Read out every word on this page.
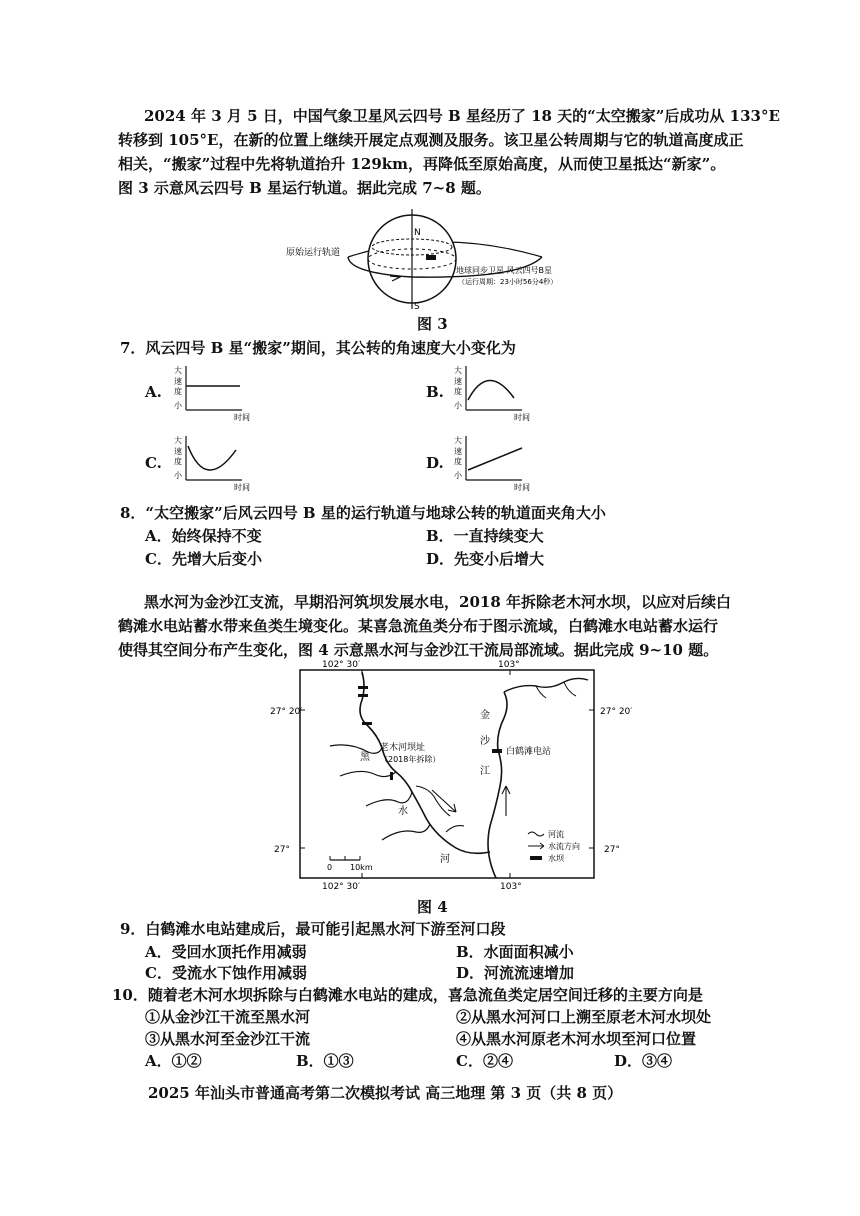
2024 年 3 月 5 日，中国气象卫星风云四号 B 星经历了 18 天的“太空搬家”后成功从 133°E
转移到 105°E，在新的位置上继续开展定点观测及服务。该卫星公转周期与它的轨道高度成正
相关，“搬家”过程中先将轨道抬升 129km，再降低至原始高度，从而使卫星抵达“新家”。
图 3 示意风云四号 B 星运行轨道。据此完成 7~8 题。
N
S
原始运行轨道
地球同步卫星 风云四号B星
（运行周期：23小时56分4秒）
图 3
7．风云四号 B 星“搬家”期间，其公转的角速度大小变化为
A.	B.
C.	D.
大
速
度
小
时间
大
速
度
小
时间
大
速
度
小
时间
大
速
度
小
时间
8．“太空搬家”后风云四号 B 星的运行轨道与地球公转的轨道面夹角大小
A．始终保持不变	B．一直持续变大
C．先增大后变小	D．先变小后增大
黑水河为金沙江支流，早期沿河筑坝发展水电，2018 年拆除老木河水坝，以应对后续白
鹤滩水电站蓄水带来鱼类生境变化。某喜急流鱼类分布于图示流域，白鹤滩水电站蓄水运行
使得其空间分布产生变化，图 4 示意黑水河与金沙江干流局部流域。据此完成 9~10 题。
102° 30′	103°
102° 30′	103°
27° 20′	27° 20′
27°	27°
金
沙
江
黑
水
河
白鹤滩电站
老木河坝址
（2018年拆除）
0 10km
河流
水流方向
水坝
图 4
9．白鹤滩水电站建成后，最可能引起黑水河下游至河口段
A．受回水顶托作用减弱	B．水面面积减小
C．受流水下蚀作用减弱	D．河流流速增加
10．随着老木河水坝拆除与白鹤滩水电站的建成，喜急流鱼类定居空间迁移的主要方向是
①从金沙江干流至黑水河	②从黑水河河口上溯至原老木河水坝处
③从黑水河至金沙江干流	④从黑水河原老木河水坝至河口位置
A．①②	B．①③	C．②④	D．③④
2025 年汕头市普通高考第二次模拟考试 高三地理 第 3 页（共 8 页）
